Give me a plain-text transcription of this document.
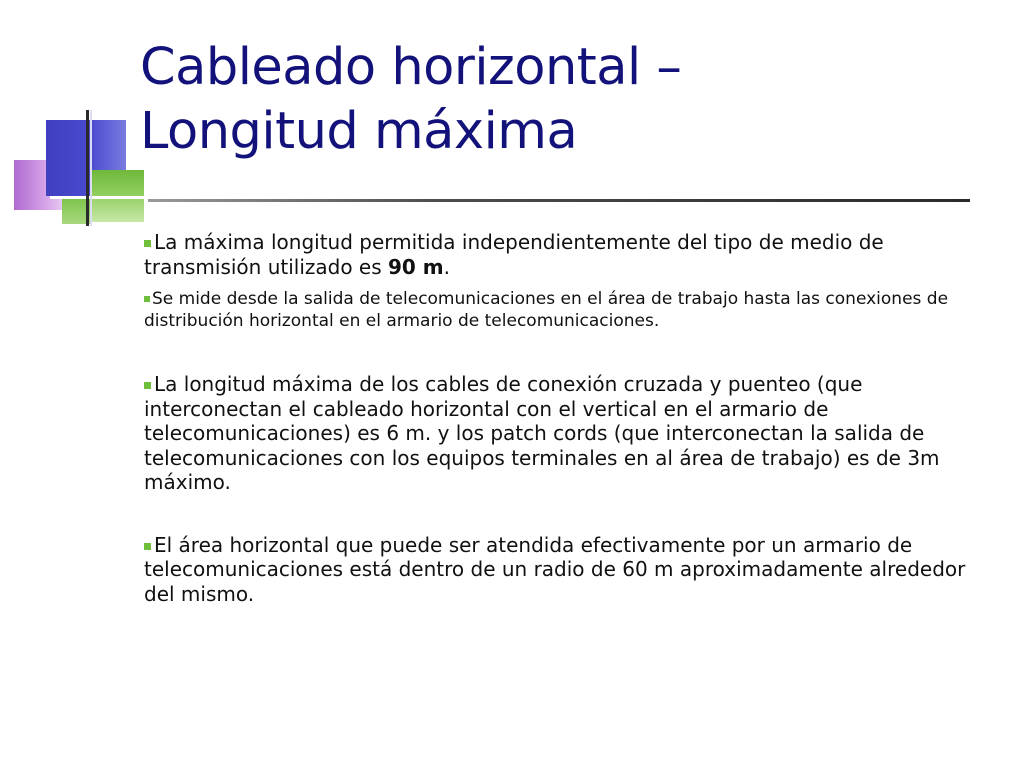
Cableado horizontal –
Longitud máxima

La máxima longitud permitida independientemente del tipo de medio de transmisión utilizado es 90 m.

Se mide desde la salida de telecomunicaciones en el área de trabajo hasta las conexiones de distribución horizontal en el armario de telecomunicaciones.

La longitud máxima de los cables de conexión cruzada y puenteo (que interconectan el cableado horizontal con el vertical en el armario de telecomunicaciones) es 6 m. y los patch cords (que interconectan la salida de telecomunicaciones con los equipos terminales en al área de trabajo) es de 3m máximo.

El área horizontal que puede ser atendida efectivamente por un armario de telecomunicaciones está dentro de un radio de 60 m aproximadamente alrededor del mismo.
